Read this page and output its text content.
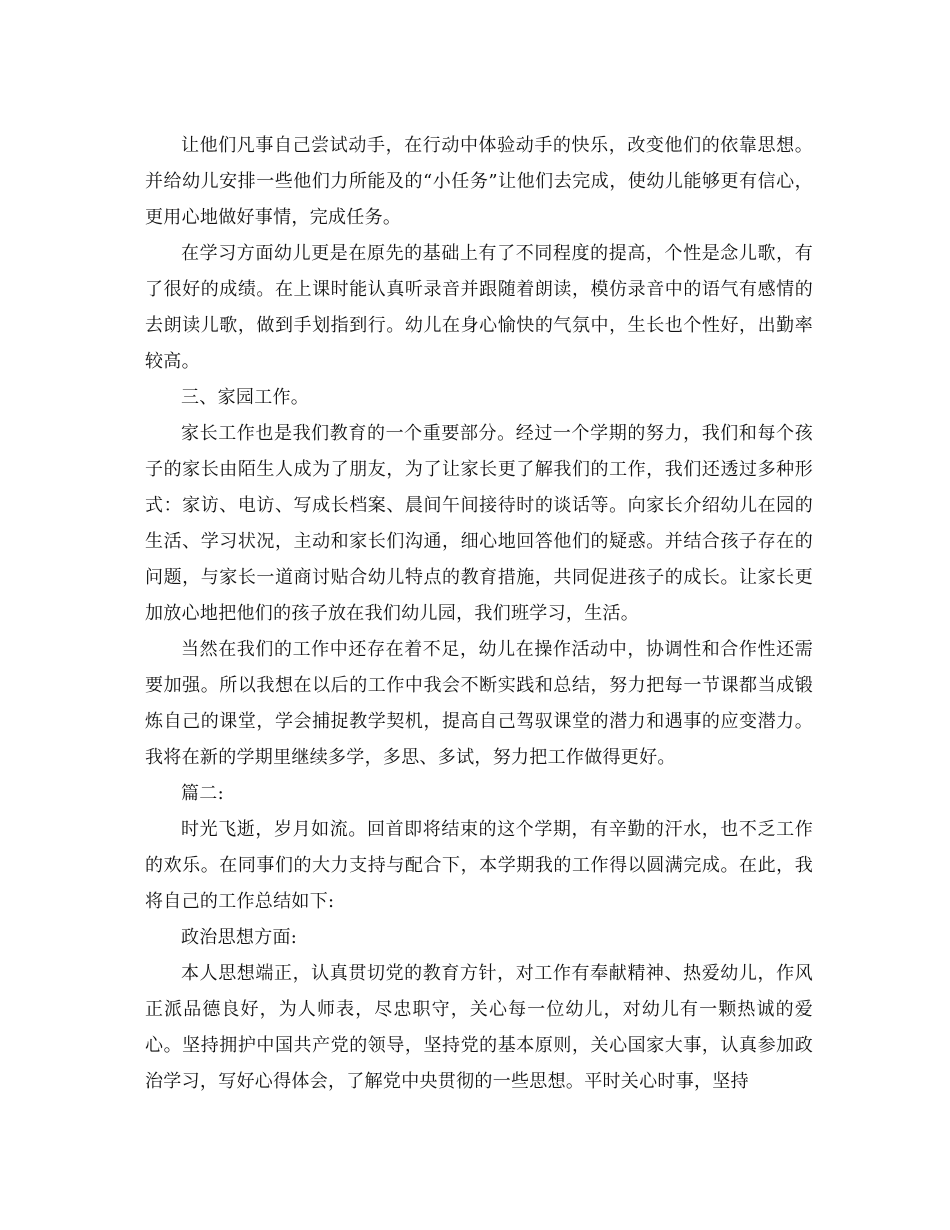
让他们凡事自己尝试动手，在行动中体验动手的快乐，改变他们的依靠思想。并给幼儿安排一些他们力所能及的“小任务”让他们去完成，使幼儿能够更有信心，更用心地做好事情，完成任务。

在学习方面幼儿更是在原先的基础上有了不同程度的提高，个性是念儿歌，有了很好的成绩。在上课时能认真听录音并跟随着朗读，模仿录音中的语气有感情的去朗读儿歌，做到手划指到行。幼儿在身心愉快的气氛中，生长也个性好，出勤率较高。

三、家园工作。

家长工作也是我们教育的一个重要部分。经过一个学期的努力，我们和每个孩子的家长由陌生人成为了朋友，为了让家长更了解我们的工作，我们还透过多种形式：家访、电访、写成长档案、晨间午间接待时的谈话等。向家长介绍幼儿在园的生活、学习状况，主动和家长们沟通，细心地回答他们的疑惑。并结合孩子存在的问题，与家长一道商讨贴合幼儿特点的教育措施，共同促进孩子的成长。让家长更加放心地把他们的孩子放在我们幼儿园，我们班学习，生活。

当然在我们的工作中还存在着不足，幼儿在操作活动中，协调性和合作性还需要加强。所以我想在以后的工作中我会不断实践和总结，努力把每一节课都当成锻炼自己的课堂，学会捕捉教学契机，提高自己驾驭课堂的潜力和遇事的应变潜力。我将在新的学期里继续多学，多思、多试，努力把工作做得更好。

篇二:

时光飞逝，岁月如流。回首即将结束的这个学期，有辛勤的汗水，也不乏工作的欢乐。在同事们的大力支持与配合下，本学期我的工作得以圆满完成。在此，我将自己的工作总结如下:

政治思想方面:

本人思想端正，认真贯切党的教育方针，对工作有奉献精神、热爱幼儿，作风正派品德良好，为人师表，尽忠职守，关心每一位幼儿，对幼儿有一颗热诚的爱心。坚持拥护中国共产党的领导，坚持党的基本原则，关心国家大事，认真参加政治学习，写好心得体会，了解党中央贯彻的一些思想。平时关心时事，坚持
